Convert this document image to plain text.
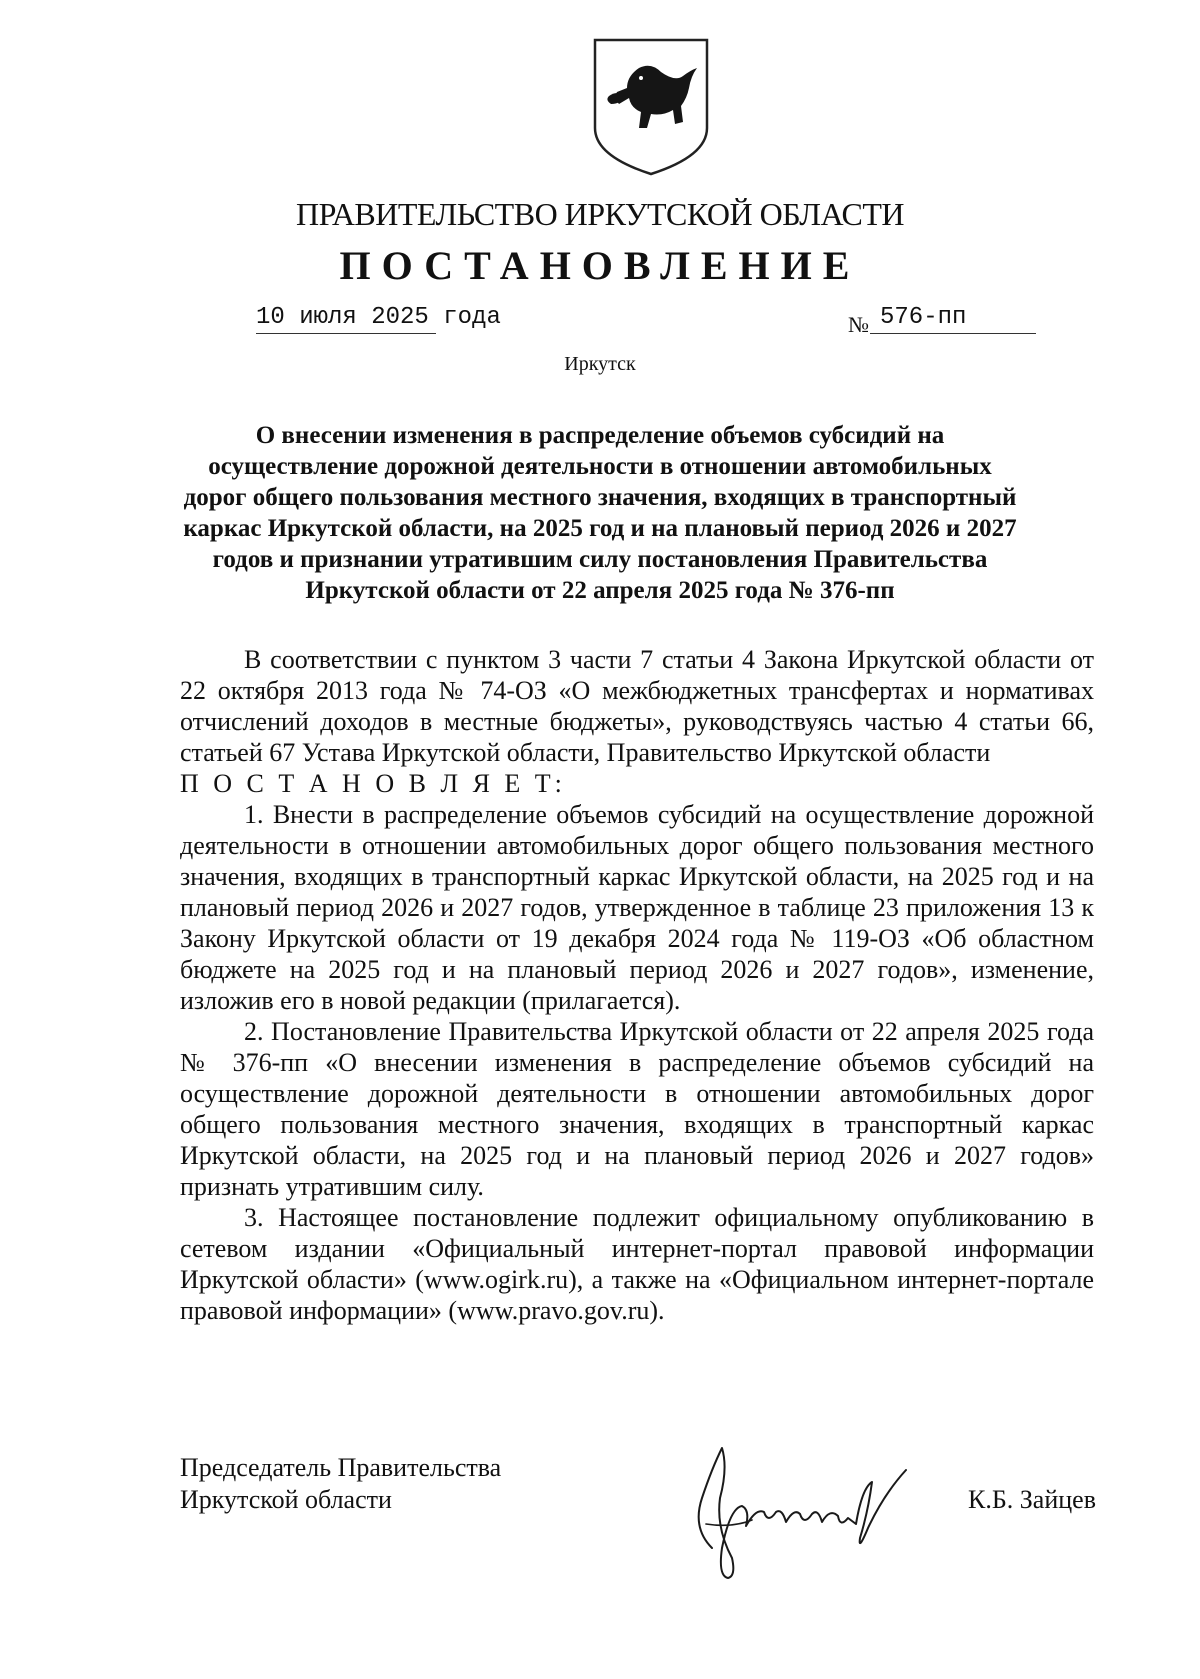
ПРАВИТЕЛЬСТВО ИРКУТСКОЙ ОБЛАСТИ
ПОСТАНОВЛЕНИЕ
10 июля 2025 года	№ 576-пп
Иркутск
О внесении изменения в распределение объемов субсидий на осуществление дорожной деятельности в отношении автомобильных дорог общего пользования местного значения, входящих в транспортный каркас Иркутской области, на 2025 год и на плановый период 2026 и 2027 годов и признании утратившим силу постановления Правительства Иркутской области от 22 апреля 2025 года № 376-пп

В соответствии с пунктом 3 части 7 статьи 4 Закона Иркутской области от 22 октября 2013 года № 74-ОЗ «О межбюджетных трансфертах и нормативах отчислений доходов в местные бюджеты», руководствуясь частью 4 статьи 66, статьей 67 Устава Иркутской области, Правительство Иркутской области

П О С Т А Н О В Л Я Е Т:

1. Внести в распределение объемов субсидий на осуществление дорожной деятельности в отношении автомобильных дорог общего пользования местного значения, входящих в транспортный каркас Иркутской области, на 2025 год и на плановый период 2026 и 2027 годов, утвержденное в таблице 23 приложения 13 к Закону Иркутской области от 19 декабря 2024 года № 119-ОЗ «Об областном бюджете на 2025 год и на плановый период 2026 и 2027 годов», изменение, изложив его в новой редакции (прилагается).

2. Постановление Правительства Иркутской области от 22 апреля 2025 года № 376-пп «О внесении изменения в распределение объемов субсидий на осуществление дорожной деятельности в отношении автомобильных дорог общего пользования местного значения, входящих в транспортный каркас Иркутской области, на 2025 год и на плановый период 2026 и 2027 годов» признать утратившим силу.

3. Настоящее постановление подлежит официальному опубликованию в сетевом издании «Официальный интернет-портал правовой информации Иркутской области» (www.ogirk.ru), а также на «Официальном интернет-портале правовой информации» (www.pravo.gov.ru).

Председатель Правительства
Иркутской области	К.Б. Зайцев
